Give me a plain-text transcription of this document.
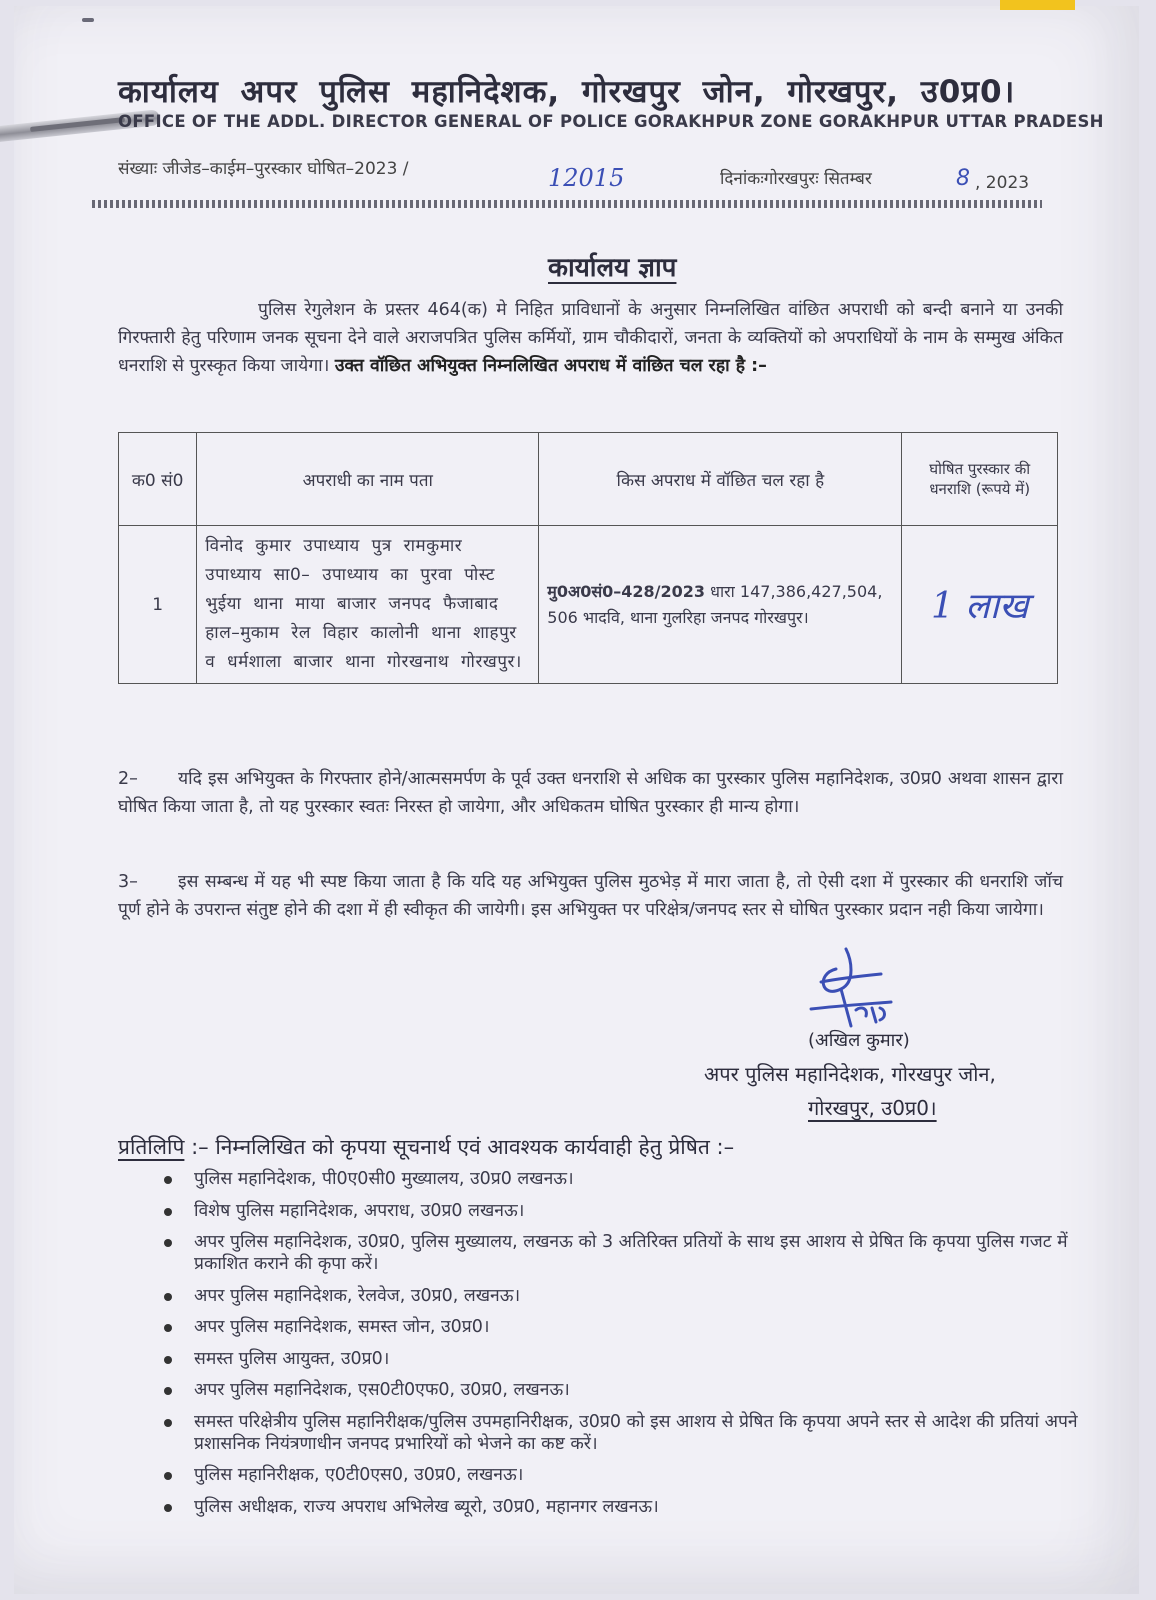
कार्यालय अपर पुलिस महानिदेशक, गोरखपुर जोन, गोरखपुर, उ0प्र0।
OFFICE OF THE ADDL. DIRECTOR GENERAL OF POLICE GORAKHPUR ZONE GORAKHPUR UTTAR PRADESH
संख्याः जीजेड–काईम–पुरस्कार घोषित–2023 /	12015	दिनांकःगोरखपुरः सितम्बर	8 , 2023
कार्यालय ज्ञाप
पुलिस रेगुलेशन के प्रस्तर 464(क) मे निहित प्राविधानों के अनुसार निम्नलिखित वांछित अपराधी को बन्दी बनाने या उनकी गिरफ्तारी हेतु परिणाम जनक सूचना देने वाले अराजपत्रित पुलिस कर्मियों, ग्राम चौकीदारों, जनता के व्यक्तियों को अपराधियों के नाम के सम्मुख अंकित धनराशि से पुरस्कृत किया जायेगा। उक्त वॉछित अभियुक्त निम्नलिखित अपराध में वांछित चल रहा है :–
क0 सं0	अपराधी का नाम पता	किस अपराध में वॉछित चल रहा है	घोषित पुरस्कार की धनराशि (रूपये में)
1	विनोद कुमार उपाध्याय पुत्र रामकुमार उपाध्याय सा0– उपाध्याय का पुरवा पोस्ट भुईया थाना माया बाजार जनपद फैजाबाद हाल–मुकाम रेल विहार कालोनी थाना शाहपुर व धर्मशाला बाजार थाना गोरखनाथ गोरखपुर।	मु0अ0सं0–428/2023 धारा 147,386,427,504, 506 भादवि, थाना गुलरिहा जनपद गोरखपुर।	1 लाख
2– यदि इस अभियुक्त के गिरफ्तार होने/आत्मसमर्पण के पूर्व उक्त धनराशि से अधिक का पुरस्कार पुलिस महानिदेशक, उ0प्र0 अथवा शासन द्वारा घोषित किया जाता है, तो यह पुरस्कार स्वतः निरस्त हो जायेगा, और अधिकतम घोषित पुरस्कार ही मान्य होगा।
3– इस सम्बन्ध में यह भी स्पष्ट किया जाता है कि यदि यह अभियुक्त पुलिस मुठभेड़ में मारा जाता है, तो ऐसी दशा में पुरस्कार की धनराशि जॉच पूर्ण होने के उपरान्त संतुष्ट होने की दशा में ही स्वीकृत की जायेगी। इस अभियुक्त पर परिक्षेत्र/जनपद स्तर से घोषित पुरस्कार प्रदान नही किया जायेगा।
(अखिल कुमार)
अपर पुलिस महानिदेशक, गोरखपुर जोन,
गोरखपुर, उ0प्र0।
प्रतिलिपि :– निम्नलिखित को कृपया सूचनार्थ एवं आवश्यक कार्यवाही हेतु प्रेषित :–
पुलिस महानिदेशक, पी0ए0सी0 मुख्यालय, उ0प्र0 लखनऊ।
विशेष पुलिस महानिदेशक, अपराध, उ0प्र0 लखनऊ।
अपर पुलिस महानिदेशक, उ0प्र0, पुलिस मुख्यालय, लखनऊ को 3 अतिरिक्त प्रतियों के साथ इस आशय से प्रेषित कि कृपया पुलिस गजट में प्रकाशित कराने की कृपा करें।
अपर पुलिस महानिदेशक, रेलवेज, उ0प्र0, लखनऊ।
अपर पुलिस महानिदेशक, समस्त जोन, उ0प्र0।
समस्त पुलिस आयुक्त, उ0प्र0।
अपर पुलिस महानिदेशक, एस0टी0एफ0, उ0प्र0, लखनऊ।
समस्त परिक्षेत्रीय पुलिस महानिरीक्षक/पुलिस उपमहानिरीक्षक, उ0प्र0 को इस आशय से प्रेषित कि कृपया अपने स्तर से आदेश की प्रतियां अपने प्रशासनिक नियंत्रणाधीन जनपद प्रभारियों को भेजने का कष्ट करें।
पुलिस महानिरीक्षक, ए0टी0एस0, उ0प्र0, लखनऊ।
पुलिस अधीक्षक, राज्य अपराध अभिलेख ब्यूरो, उ0प्र0, महानगर लखनऊ।
